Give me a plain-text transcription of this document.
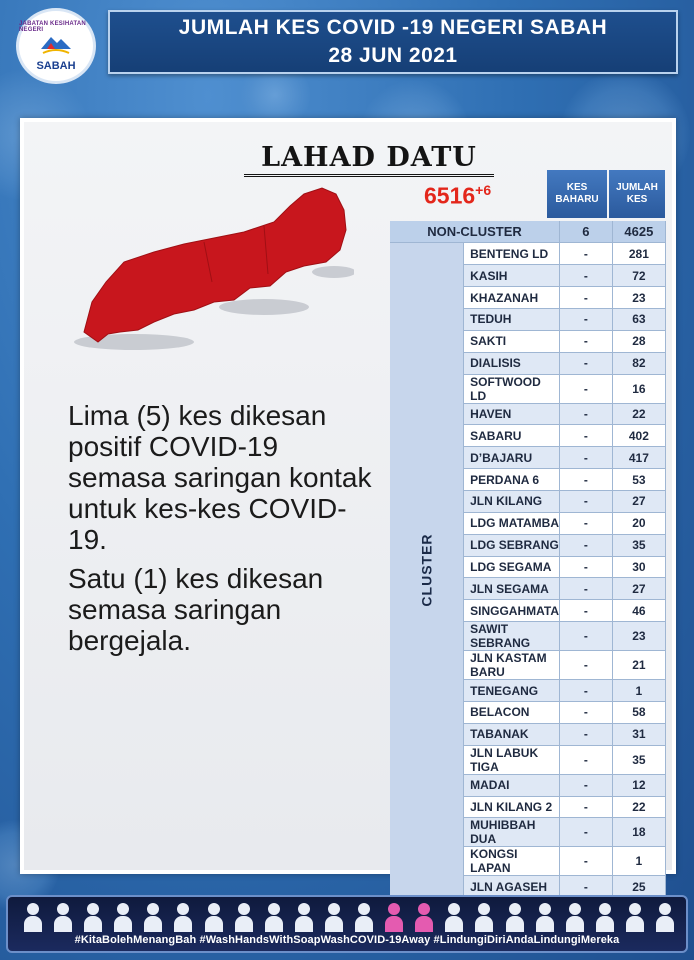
JABATAN KESIHATAN NEGERI
SABAH
JUMLAH KES COVID -19 NEGERI SABAH
28 JUN 2021
LAHAD DATU
$6516^{+6}$	KES BAHARU
JUMLAH KES
NON-CLUSTER		6	4625
CLUSTER	BENTENG LD	-	281
	KASIH	-	72
	KHAZANAH	-	23
	TEDUH	-	63
	SAKTI	-	28
	DIALISIS	-	82
	SOFTWOOD LD	-	16
	HAVEN	-	22
	SABARU	-	402
	D’BAJARU	-	417
	PERDANA 6	-	53
	JLN KILANG	-	27
	LDG MATAMBA	-	20
	LDG SEBRANG	-	35
	LDG SEGAMA	-	30
	JLN SEGAMA	-	27
	SINGGAHMATA	-	46
	SAWIT SEBRANG	-	23
	JLN KASTAM BARU	-	21
	TENEGANG	-	1
	BELACON	-	58
	TABANAK	-	31
	JLN LABUK TIGA	-	35
	MADAI	-	12
	JLN KILANG 2	-	22
	MUHIBBAH DUA	-	18
	KONGSI LAPAN	-	1
	JLN AGASEH	-	25

Lima (5) kes dikesan positif COVID-19 semasa saringan kontak untuk kes-kes COVID-19.

Satu (1) kes dikesan semasa saringan bergejala.

#KitaBolehMenangBah #WashHandsWithSoapWashCOVID-19Away #LindungiDiriAndaLindungiMereka
